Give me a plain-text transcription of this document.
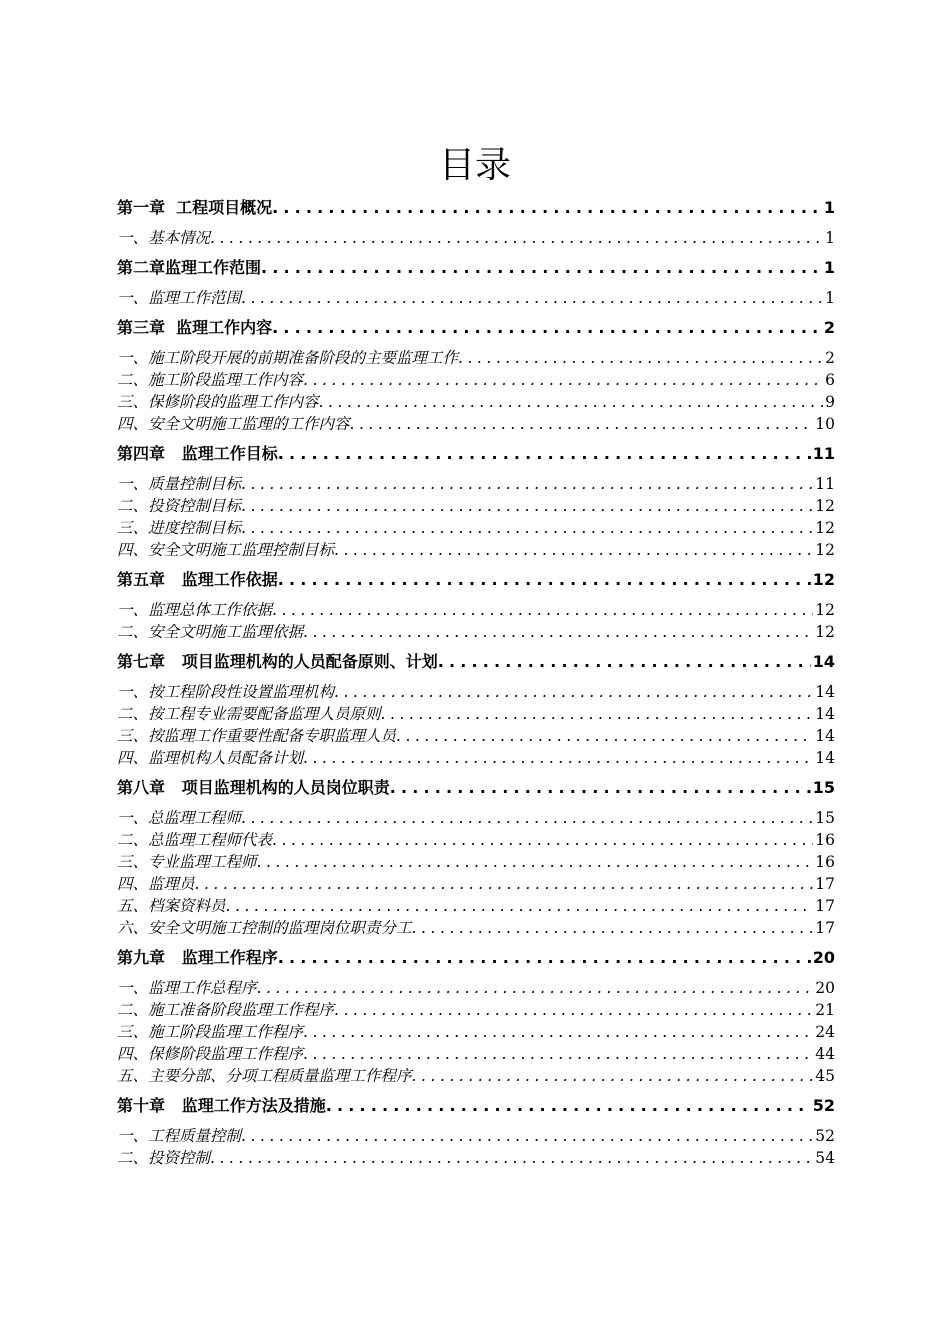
目录
第一章  工程项目概况 . . .	1
一、基本情况 . . .	1
第二章监理工作范围 . . .	1
一、监理工作范围 . . .	1
第三章  监理工作内容 . . .	2
一、施工阶段开展的前期准备阶段的主要监理工作 . . .	2
二、施工阶段监理工作内容 . . .	6
三、保修阶段的监理工作内容 . . .	9
四、安全文明施工监理的工作内容 . . .	10
第四章   监理工作目标 . . .	11
一、质量控制目标 . . .	11
二、投资控制目标 . . .	12
三、进度控制目标 . . .	12
四、安全文明施工监理控制目标 . . .	12
第五章   监理工作依据 . . .	12
一、监理总体工作依据 . . .	12
二、安全文明施工监理依据 . . .	12
第七章   项目监理机构的人员配备原则、计划 . . .	14
一、按工程阶段性设置监理机构 . . .	14
二、按工程专业需要配备监理人员原则 . . .	14
三、按监理工作重要性配备专职监理人员 . . .	14
四、监理机构人员配备计划 . . .	14
第八章   项目监理机构的人员岗位职责 . . .	15
一、总监理工程师 . . .	15
二、总监理工程师代表 . . .	16
三、专业监理工程师 . . .	16
四、监理员 . . .	17
五、档案资料员 . . .	17
六、安全文明施工控制的监理岗位职责分工 . . .	17
第九章   监理工作程序 . . .	20
一、监理工作总程序 . . .	20
二、施工准备阶段监理工作程序 . . .	21
三、施工阶段监理工作程序 . . .	24
四、保修阶段监理工作程序 . . .	44
五、主要分部、分项工程质量监理工作程序 . . .	45
第十章   监理工作方法及措施 . . .	52
一、工程质量控制 . . .	52
二、投资控制 . . .	54
